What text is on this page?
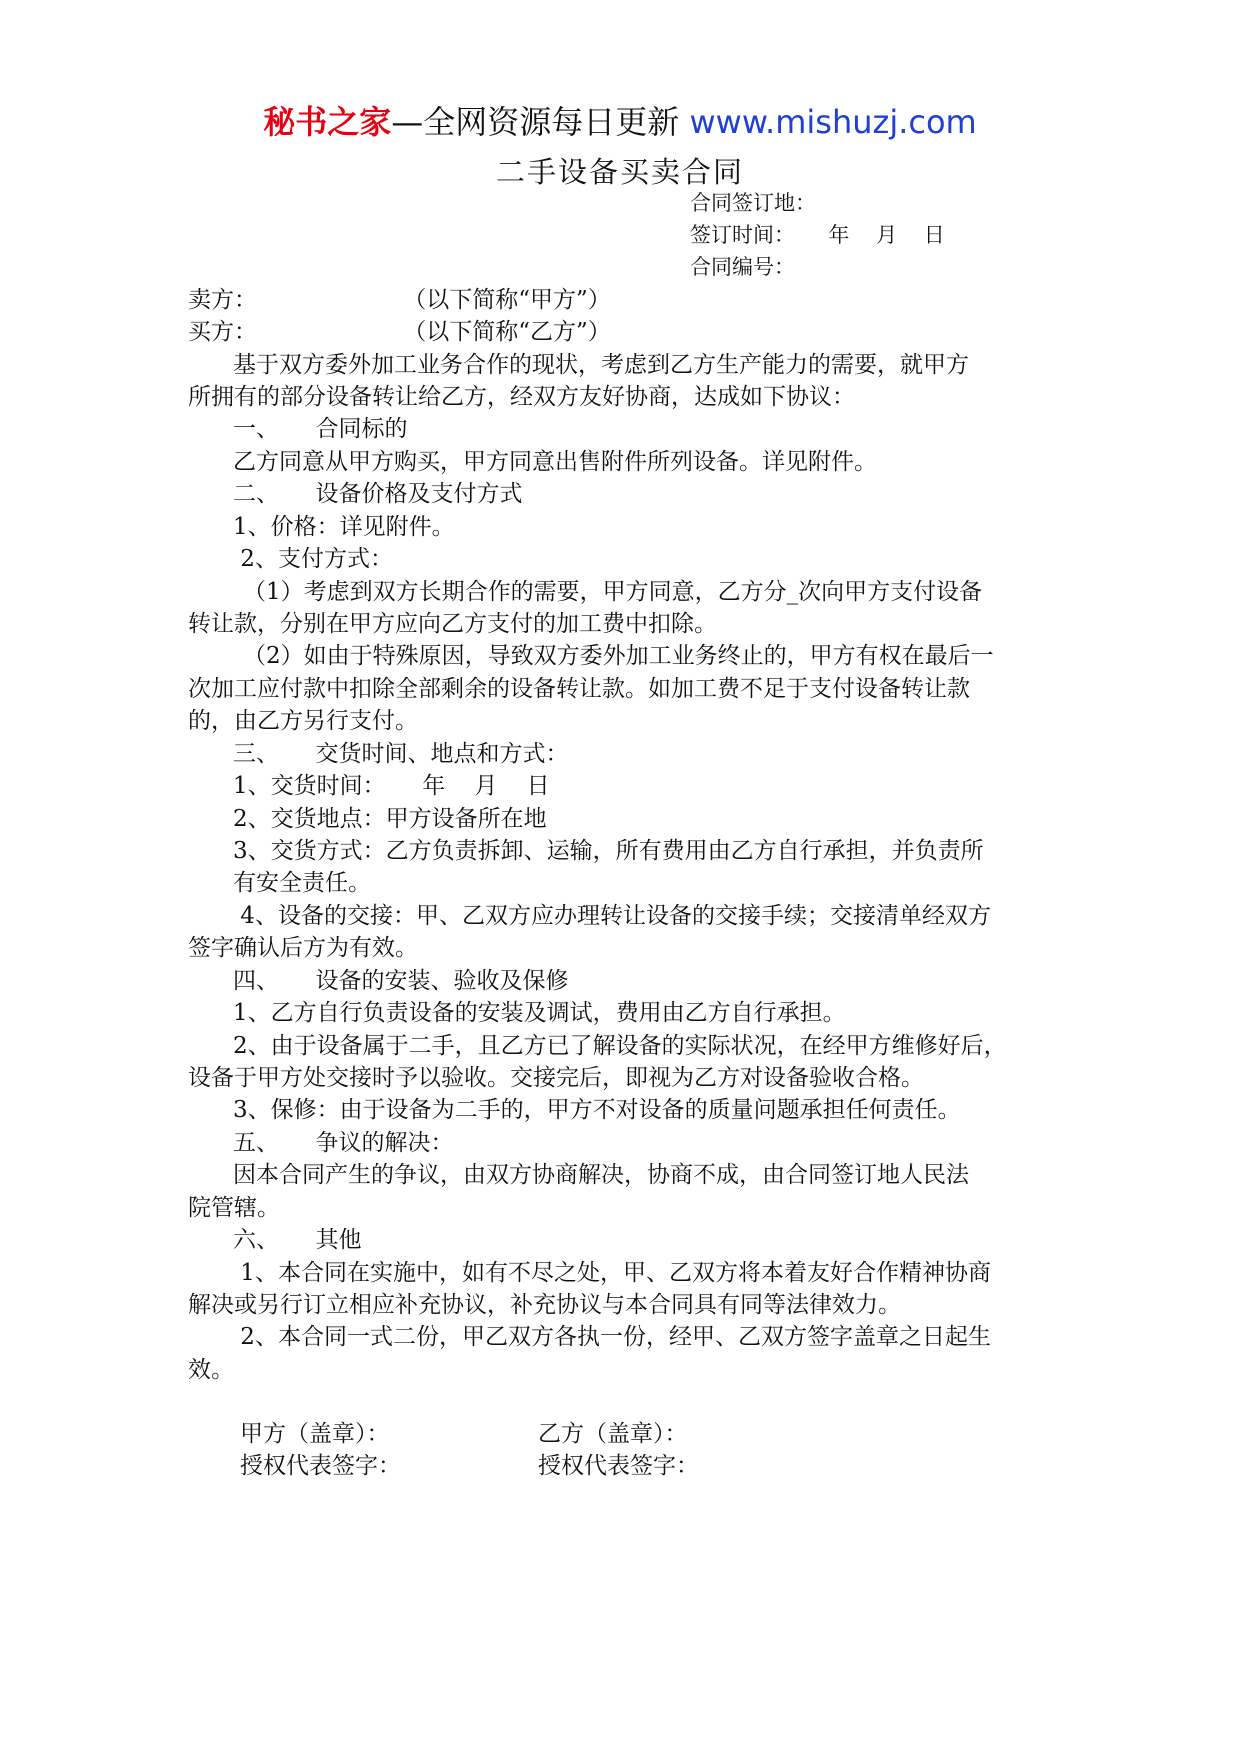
秘书之家—全网资源每日更新 www.mishuzj.com
二手设备买卖合同
合同签订地：
签订时间：     年    月    日
合同编号：
卖方：                    （以下简称“甲方”）
买方：                    （以下简称“乙方”）
基于双方委外加工业务合作的现状，考虑到乙方生产能力的需要，就甲方
所拥有的部分设备转让给乙方，经双方友好协商，达成如下协议：
一、     合同标的
乙方同意从甲方购买，甲方同意出售附件所列设备。详见附件。
二、     设备价格及支付方式
1、价格：详见附件。
2、支付方式：
（1）考虑到双方长期合作的需要，甲方同意，乙方分_次向甲方支付设备
转让款，分别在甲方应向乙方支付的加工费中扣除。
（2）如由于特殊原因，导致双方委外加工业务终止的，甲方有权在最后一
次加工应付款中扣除全部剩余的设备转让款。如加工费不足于支付设备转让款
的，由乙方另行支付。
三、     交货时间、地点和方式：
1、交货时间：     年    月    日
2、交货地点：甲方设备所在地
3、交货方式：乙方负责拆卸、运输，所有费用由乙方自行承担，并负责所
有安全责任。
4、设备的交接：甲、乙双方应办理转让设备的交接手续；交接清单经双方
签字确认后方为有效。
四、     设备的安装、验收及保修
1、乙方自行负责设备的安装及调试，费用由乙方自行承担。
2、由于设备属于二手，且乙方已了解设备的实际状况，在经甲方维修好后，
设备于甲方处交接时予以验收。交接完后，即视为乙方对设备验收合格。
3、保修：由于设备为二手的，甲方不对设备的质量问题承担任何责任。
五、     争议的解决：
因本合同产生的争议，由双方协商解决，协商不成，由合同签订地人民法
院管辖。
六、     其他
1、本合同在实施中，如有不尽之处，甲、乙双方将本着友好合作精神协商
解决或另行订立相应补充协议，补充协议与本合同具有同等法律效力。
2、本合同一式二份，甲乙双方各执一份，经甲、乙双方签字盖章之日起生
效。
甲方（盖章）：	乙方（盖章）：
授权代表签字：	授权代表签字：
